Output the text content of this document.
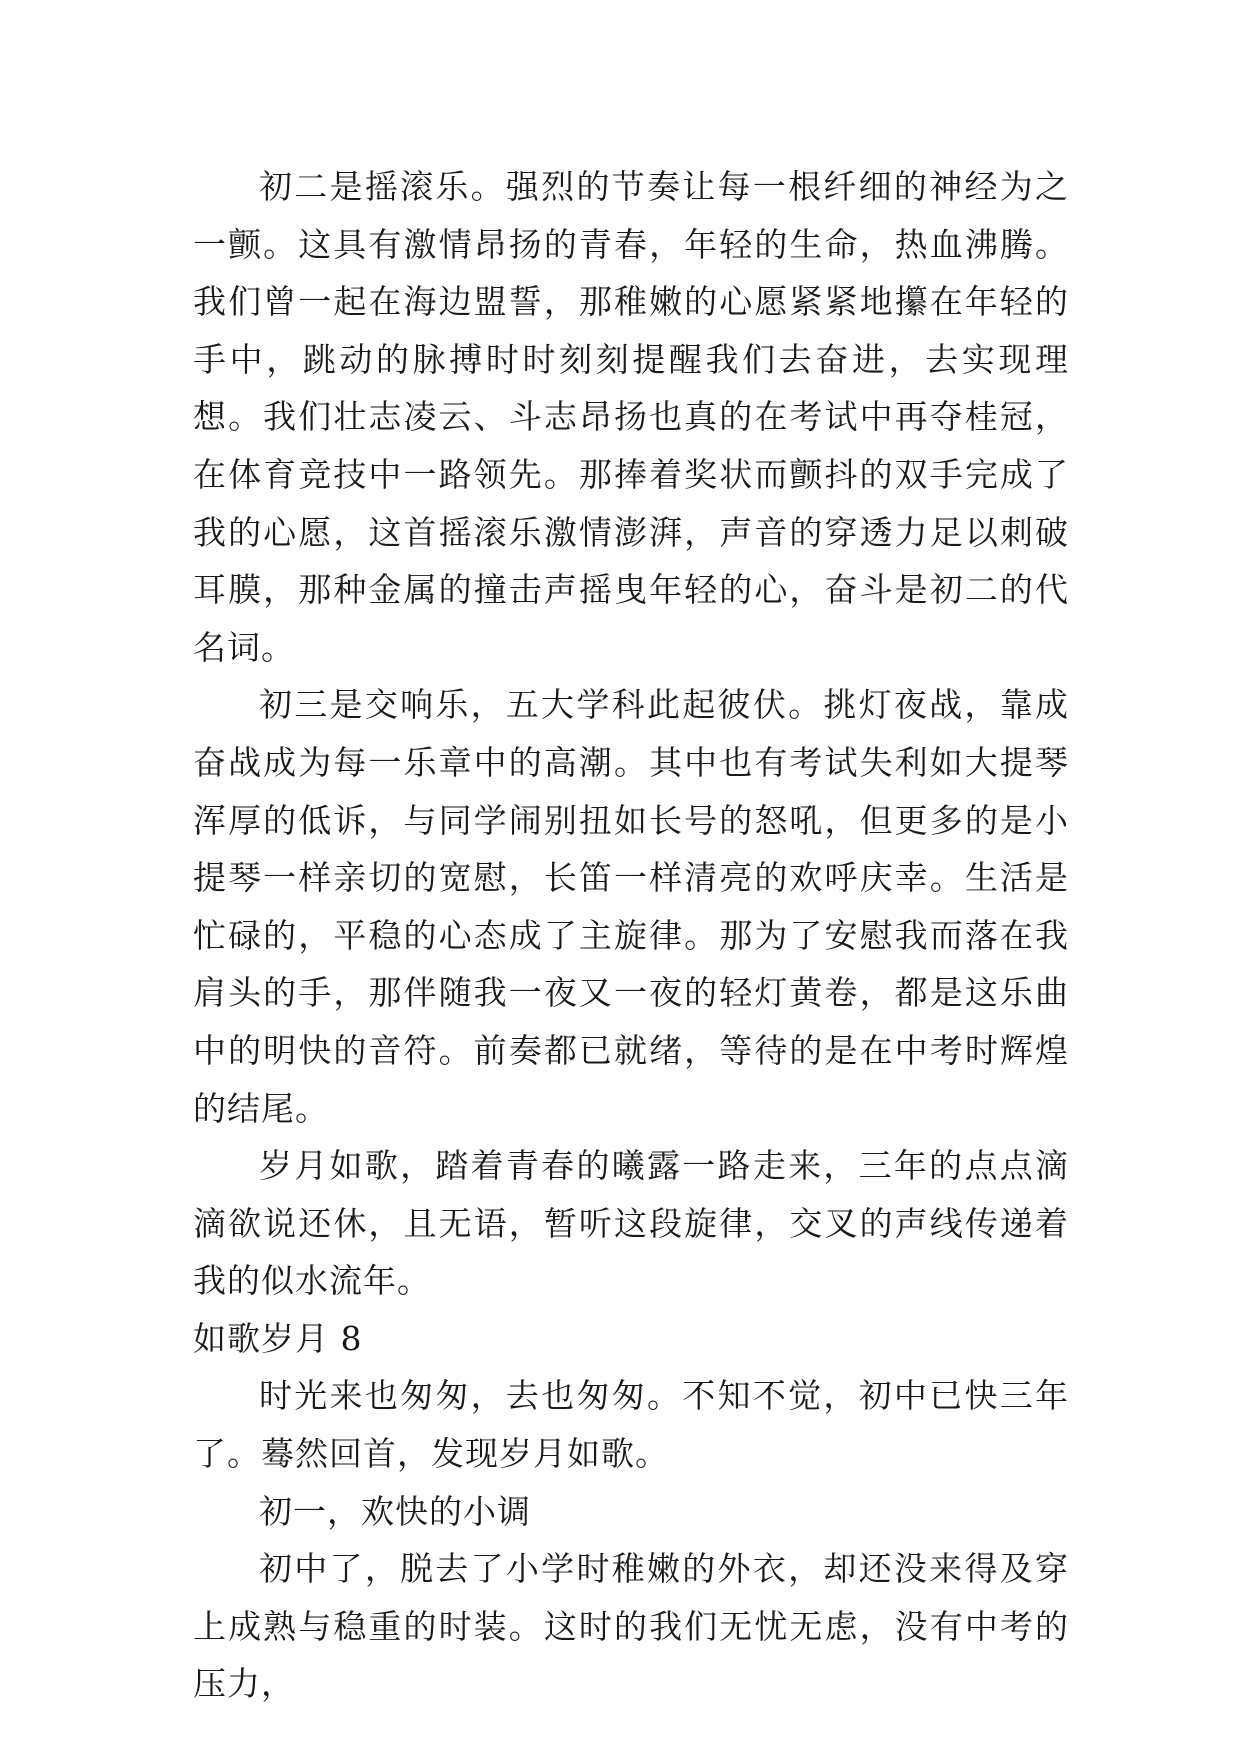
初二是摇滚乐。强烈的节奏让每一根纤细的神经为之一颤。这具有激情昂扬的青春，年轻的生命，热血沸腾。我们曾一起在海边盟誓，那稚嫩的心愿紧紧地攥在年轻的手中，跳动的脉搏时时刻刻提醒我们去奋进，去实现理想。我们壮志凌云、斗志昂扬也真的在考试中再夺桂冠，在体育竞技中一路领先。那捧着奖状而颤抖的双手完成了我的心愿，这首摇滚乐激情澎湃，声音的穿透力足以刺破耳膜，那种金属的撞击声摇曳年轻的心，奋斗是初二的代名词。

初三是交响乐，五大学科此起彼伏。挑灯夜战，靠成奋战成为每一乐章中的高潮。其中也有考试失利如大提琴浑厚的低诉，与同学闹别扭如长号的怒吼，但更多的是小提琴一样亲切的宽慰，长笛一样清亮的欢呼庆幸。生活是忙碌的，平稳的心态成了主旋律。那为了安慰我而落在我肩头的手，那伴随我一夜又一夜的轻灯黄卷，都是这乐曲中的明快的音符。前奏都已就绪，等待的是在中考时辉煌的结尾。

岁月如歌，踏着青春的曦露一路走来，三年的点点滴滴欲说还休，且无语，暂听这段旋律，交叉的声线传递着我的似水流年。

如歌岁月 8

时光来也匆匆，去也匆匆。不知不觉，初中已快三年了。蓦然回首，发现岁月如歌。

初一，欢快的小调

初中了，脱去了小学时稚嫩的外衣，却还没来得及穿上成熟与稳重的时装。这时的我们无忧无虑，没有中考的压力，
